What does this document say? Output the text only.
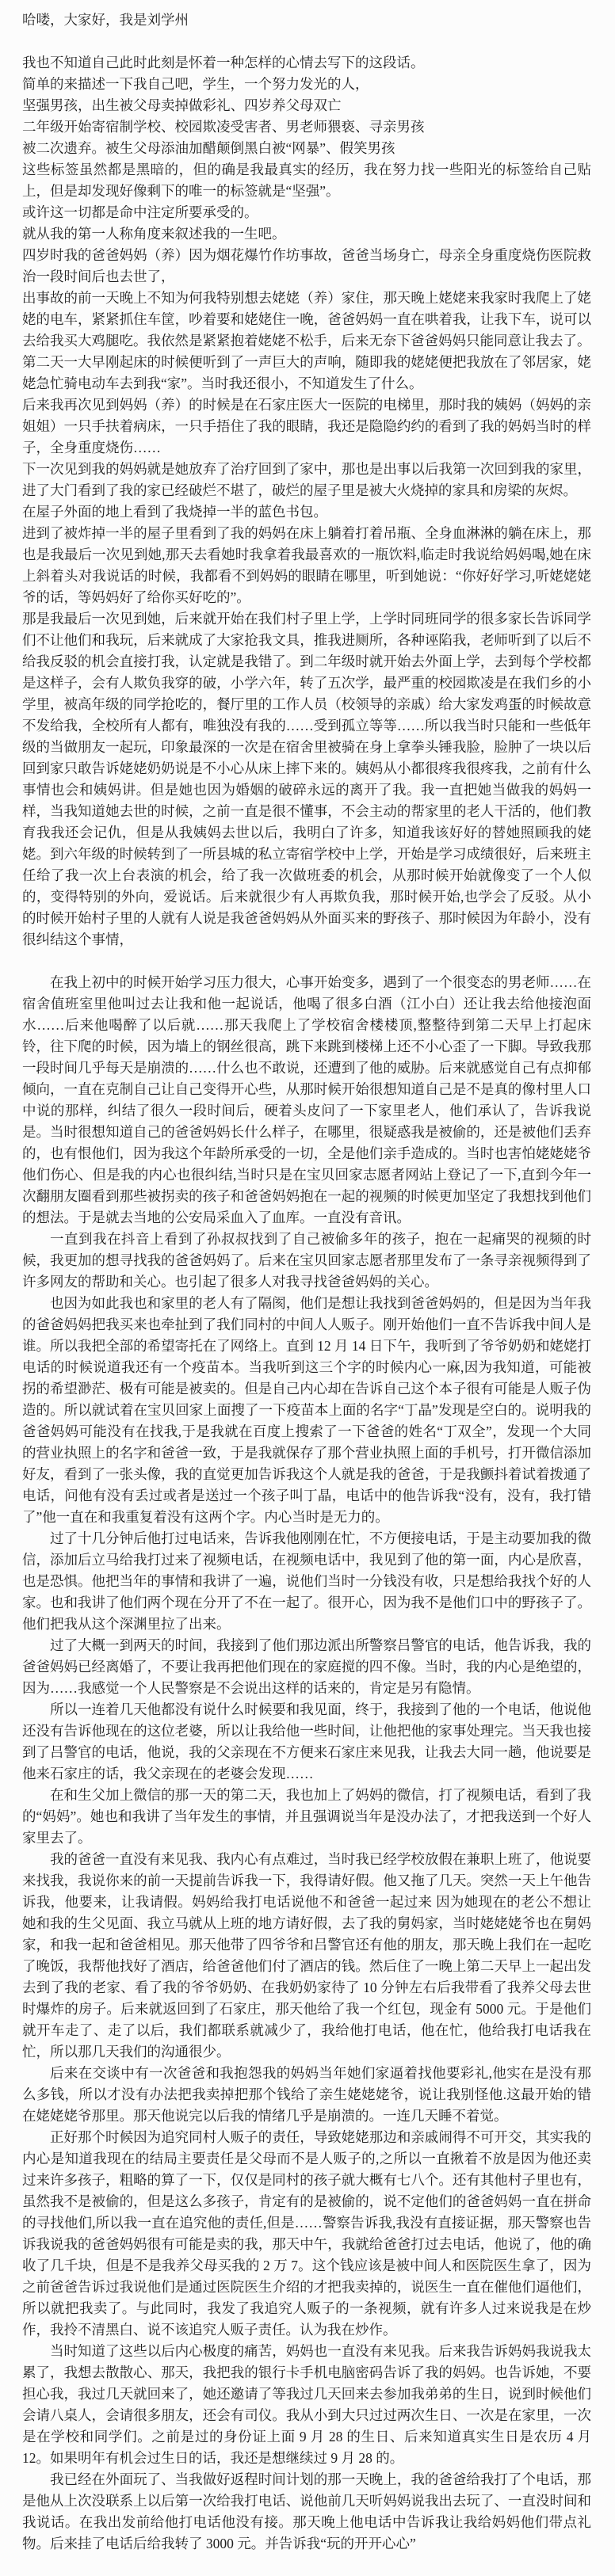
哈喽，大家好，我是刘学州

我也不知道自己此时此刻是怀着一种怎样的心情去写下的这段话。

简单的来描述一下我自己吧，学生，一个努力发光的人，

坚强男孩，出生被父母卖掉做彩礼、四岁养父母双亡

二年级开始寄宿制学校、校园欺凌受害者、男老师猥亵、寻亲男孩

被二次遗弃。被生父母添油加醋颠倒黑白被“网暴”、假笑男孩

这些标签虽然都是黑暗的，但的确是我最真实的经历，我在努力找一些阳光的标签给自己贴上，但是却发现好像剩下的唯一的标签就是“坚强”。

或许这一切都是命中注定所要承受的。

就从我的第一人称角度来叙述我的一生吧。

四岁时我的爸爸妈妈（养）因为烟花爆竹作坊事故，爸爸当场身亡，母亲全身重度烧伤医院救治一段时间后也去世了，

出事故的前一天晚上不知为何我特别想去姥姥（养）家住，那天晚上姥姥来我家时我爬上了姥姥的电车，紧紧抓住车筐，吵着要和姥姥住一晚，爸爸妈妈一直在哄着我，让我下车，说可以去给我买大鸡腿吃。我依然是紧紧抱着姥姥不松手，后来无奈下爸爸妈妈只能同意让我去了。

第二天一大早刚起床的时候便听到了一声巨大的声响，随即我的姥姥便把我放在了邻居家，姥姥急忙骑电动车去到我“家”。当时我还很小，不知道发生了什么。

后来我再次见到妈妈（养）的时候是在石家庄医大一医院的电梯里，那时我的姨妈（妈妈的亲姐姐）一只手扶着病床，一只手捂住了我的眼睛，我还是隐隐约约的看到了我的妈妈当时的样子，全身重度烧伤……

下一次见到我的妈妈就是她放弃了治疗回到了家中，那也是出事以后我第一次回到我的家里，进了大门看到了我的家已经破烂不堪了，破烂的屋子里是被大火烧掉的家具和房梁的灰烬。

在屋子外面的地上看到了我烧掉一半的蓝色书包。

进到了被炸掉一半的屋子里看到了我的妈妈在床上躺着打着吊瓶、全身血淋淋的躺在床上，那也是我最后一次见到她,那天去看她时我拿着我最喜欢的一瓶饮料,临走时我说给妈妈喝,她在床上斜着头对我说话的时候，我都看不到妈妈的眼睛在哪里，听到她说：“你好好学习,听姥姥姥爷的话，等妈妈好了给你买好吃的”。

那是我最后一次见到她，后来就开始在我们村子里上学，上学时同班同学的很多家长告诉同学们不让他们和我玩，后来就成了大家抢我文具，推我进厕所，各种诬陷我，老师听到了以后不给我反驳的机会直接打我，认定就是我错了。到二年级时就开始去外面上学，去到每个学校都是这样子，会有人欺负我穿的破，小学六年，转了五次学，最严重的校园欺凌是在我们乡的小学里，被高年级的同学抢吃的，餐厅里的工作人员（校领导的亲戚）给大家发鸡蛋的时候故意不发给我，全校所有人都有，唯独没有我的……受到孤立等等……所以我当时只能和一些低年级的当做朋友一起玩，印象最深的一次是在宿舍里被骑在身上拿拳头锤我脸，脸肿了一块以后回到家只敢告诉姥姥奶奶说是不小心从床上摔下来的。姨妈从小都很疼我很疼我，之前有什么事情也会和姨妈讲。但是她也因为婚姻的破碎永远的离开了我。我一直把她当做我的妈妈一样，当我知道她去世的时候，之前一直是很不懂事，不会主动的帮家里的老人干活的，他们教育我我还会记仇，但是从我姨妈去世以后，我明白了许多，知道我该好好的替她照顾我的姥姥。到六年级的时候转到了一所县城的私立寄宿学校中上学，开始是学习成绩很好，后来班主任给了我一次上台表演的机会，给了我一次做班委的机会，从那时候开始就像变了一个人似的，变得特别的外向，爱说话。后来就很少有人再欺负我，那时候开始,也学会了反驳。从小的时候开始村子里的人就有人说是我爸爸妈妈从外面买来的野孩子、那时候因为年龄小，没有很纠结这个事情，

在我上初中的时候开始学习压力很大，心事开始变多，遇到了一个很变态的男老师……在宿舍值班室里他叫过去让我和他一起说话，他喝了很多白酒（江小白）还让我去给他接泡面水……后来他喝醉了以后就……那天我爬上了学校宿舍楼楼顶,整整待到第二天早上打起床铃，往下爬的时候，因为墙上的钢丝很高，跳下来跳到楼梯上还不小心歪了一下脚。导致我那一段时间几乎每天是崩溃的……什么也不敢说，还遭到了他的威胁。后来就感觉自己有点抑郁倾向，一直在克制自己让自己变得开心些，从那时候开始很想知道自己是不是真的像村里人口中说的那样，纠结了很久一段时间后，硬着头皮问了一下家里老人，他们承认了，告诉我说是。当时很想知道自己的爸爸妈妈长什么样子，在哪里，很疑惑我是被偷的，还是被他们丢弃的，也有恨他们，因为我这个年龄所承受的一切，全是他们亲手造成的。当时也害怕姥姥姥爷他们伤心、但是我的内心也很纠结,当时只是在宝贝回家志愿者网站上登记了一下,直到今年一次翻朋友圈看到那些被拐卖的孩子和爸爸妈妈抱在一起的视频的时候更加坚定了我想找到他们的想法。于是就去当地的公安局采血入了血库。一直没有音讯。

一直到我在抖音上看到了孙叔叔找到了自己被偷多年的孩子，抱在一起痛哭的视频的时候，我更加的想寻找我的爸爸妈妈了。后来在宝贝回家志愿者那里发布了一条寻亲视频得到了许多网友的帮助和关心。也引起了很多人对我寻找爸爸妈妈的关心。

也因为如此我也和家里的老人有了隔阂，他们是想让我找到爸爸妈妈的，但是因为当年我的爸爸妈妈把我买来也牵扯到了我们同村的中间人人贩子。刚开始他们一直不告诉我中间人是谁。所以我把全部的希望寄托在了网络上。直到 12 月 14 日下午，我听到了爷爷奶奶和姥姥打电话的时候说道我还有一个疫苗本。当我听到这三个字的时候内心一麻,因为我知道，可能被拐的希望渺茫、极有可能是被卖的。但是自己内心却在告诉自己这个本子很有可能是人贩子伪造的。所以就试着在宝贝回家上面搜了一下疫苗本上面的名字“丁晶”发现是空白的。说明我的爸爸妈妈可能没有在找我,于是我就在百度上搜索了一下爸爸的姓名“丁双全”，发现一个大同的营业执照上的名字和爸爸一致，于是我就保存了那个营业执照上面的手机号，打开微信添加好友，看到了一张头像，我的直觉更加告诉我这个人就是我的爸爸，于是我颤抖着试着拨通了电话，问他有没有丢过或者是送过一个孩子叫丁晶，电话中的他告诉我“没有，没有，我打错了”他一直在和我重复着没有这两个字。内心当时是无力的。

过了十几分钟后他打过电话来，告诉我他刚刚在忙，不方便接电话，于是主动要加我的微信，添加后立马给我打过来了视频电话，在视频电话中，我见到了他的第一面，内心是欣喜，也是恐惧。他把当年的事情和我讲了一遍，说他们当时一分钱没有收，只是想给我找个好的人家。也和我讲了他们两个现在分开了不在一起了。很开心，因为我不是他们口中的野孩子了。他们把我从这个深渊里拉了出来。

过了大概一到两天的时间，我接到了他们那边派出所警察吕警官的电话，他告诉我，我的爸爸妈妈已经离婚了，不要让我再把他们现在的家庭搅的四不像。当时，我的内心是绝望的，因为……我感觉一个人民警察是不会说出这样的话来的，肯定是另有隐情。

所以一连着几天他都没有说什么时候要和我见面，终于，我接到了他的一个电话，他说他还没有告诉他现在的这位老婆，所以让我给他一些时间，让他把他的家事处理完。当天我也接到了吕警官的电话，他说，我的父亲现在不方便来石家庄来见我，让我去大同一趟，他说要是他来石家庄的话，我父亲现在的老婆会发现……

在和生父加上微信的那一天的第二天，我也加上了妈妈的微信，打了视频电话，看到了我的“妈妈”。她也和我讲了当年发生的事情，并且强调说当年是没办法了，才把我送到一个好人家里去了。

我的爸爸一直没有来见我、我内心有点难过，当时我已经学校放假在兼职上班了，他说要来找我，我说你来的前一天提前告诉我一下，我得请好假。他又拖了几天。突然一天上午他告诉我，他要来，让我请假。妈妈给我打电话说他不和爸爸一起过来 因为她现在的老公不想让她和我的生父见面、我立马就从上班的地方请好假，去了我的舅妈家，当时姥姥姥爷也在舅妈家，和我一起和爸爸相见。那天他带了四爷爷和吕警官还有他的朋友，那天晚上我们在一起吃了晚饭，我帮他找好了酒店，给爸爸他们付了酒店的钱。然后住了一晚上第二天早上一起出发去到了我的老家、看了我的爷爷奶奶、在我奶奶家待了 10 分钟左右后我带看了我养父母去世时爆炸的房子。后来就返回到了石家庄，那天他给了我一个红包，现金有 5000 元。于是他们就开车走了、走了以后，我们都联系就减少了，我给他打电话，他在忙，他给我打电话我在忙，所以那几天我们的沟通很少。

后来在交谈中有一次爸爸和我抱怨我的妈妈当年她们家逼着找他要彩礼,他实在是没有那么多钱，所以才没有办法把我卖掉把那个钱给了亲生姥姥姥爷，说让我别怪他.这最开始的错在姥姥姥爷那里。那天他说完以后我的情绪几乎是崩溃的。一连几天睡不着觉。

正好那个时候因为追究同村人贩子的责任，导致姥姥那边和亲戚闹得不可开交，其实我的内心是知道我现在的结局主要责任是父母而不是人贩子的,之所以一直揪着不放是因为他还卖过来许多孩子，粗略的算了一下，仅仅是同村的孩子就大概有七八个。还有其他村子里也有，虽然我不是被偷的，但是这么多孩子，肯定有的是被偷的，说不定他们的爸爸妈妈一直在拼命的寻找他们,所以我一直在追究他的责任,但是……警察告诉我,我没有直接证据，那天警察也告诉我说我的爸爸妈妈很有可能是卖的我，那天中午，我就给爸爸打过去电话，他说了，他的确收了几千块，但是不是我养父母买我的 2 万 7。这个钱应该是被中间人和医院医生拿了，因为之前爸爸告诉过我说他们是通过医院医生介绍的才把我卖掉的，说医生一直在催他们逼他们，所以就把我卖了。与此同时，我发了我追究人贩子的一条视频，就有许多人过来说我是在炒作，我拎不清黑白、说不该追究人贩子责任。认为我在炒作。

当时知道了这些以后内心极度的痛苦，妈妈也一直没有来见我。后来我告诉妈妈我说我太累了，我想去散散心、那天，我把我的银行卡手机电脑密码告诉了我的妈妈。也告诉她，不要担心我，我过几天就回来了，她还邀请了等我过几天回来去参加我弟弟的生日，说到时候他们会请八桌人，会请很多朋友，还会有司仪。我从小到大只过过两次生日、一次是在家里，一次是在学校和同学们。之前是过的身份证上面 9 月 28 的生日、后来知道真实生日是农历 4 月 12。如果明年有机会过生日的话，我还是想继续过 9 月 28 的。

我已经在外面玩了、当我做好返程时间计划的那一天晚上，我的爸爸给我打了个电话，那是他从上次没联系上以后第一次给我打电话、说他前几天听妈妈说我出去玩了、一直没时间和我说话。在我出发前给他打电话他没有接。那天晚上他电话中告诉我让我给妈妈他们带点礼物。后来挂了电话后给我转了 3000 元。并告诉我“玩的开开心心”
